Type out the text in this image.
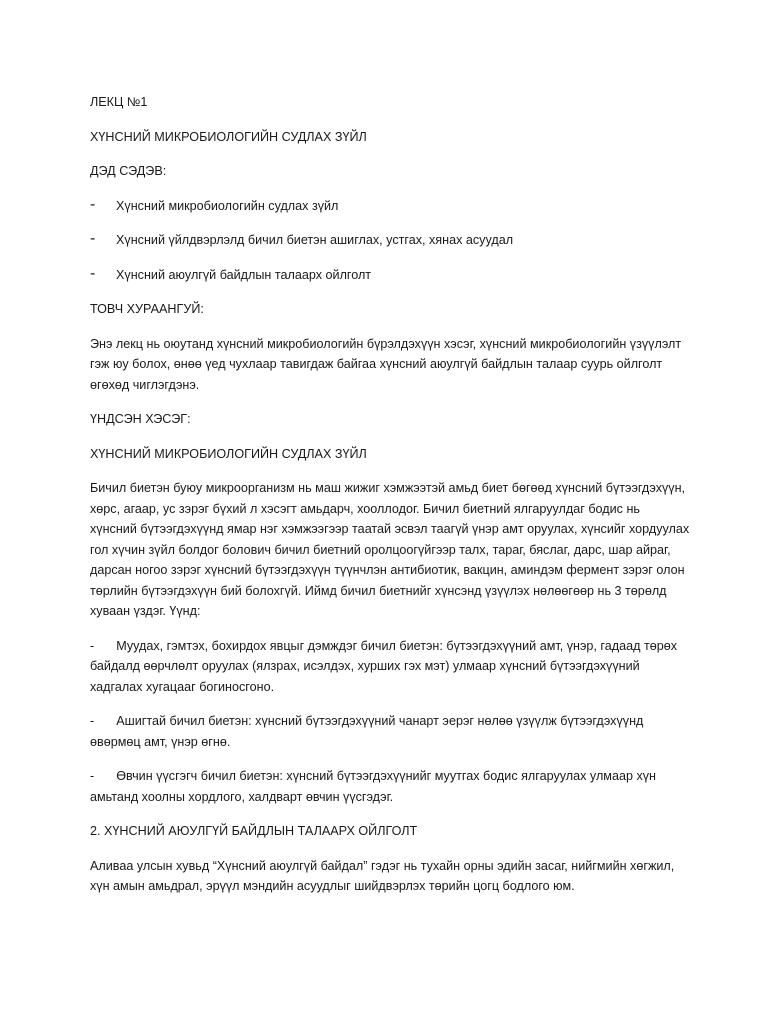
ЛЕКЦ №1

ХҮНСНИЙ МИКРОБИОЛОГИЙН СУДЛАХ ЗҮЙЛ

ДЭД СЭДЭВ:

-	Хүнсний микробиологийн судлах зүйл

-	Хүнсний үйлдвэрлэлд бичил биетэн ашиглах, устгах, хянах асуудал

-	Хүнсний аюулгүй байдлын талаарх ойлголт

ТОВЧ ХУРААНГУЙ:

Энэ лекц нь оюутанд хүнсний микробиологийн бүрэлдэхүүн хэсэг, хүнсний микробиологийн үзүүлэлт гэж юу болох, өнөө үед чухлаар тавигдаж байгаа хүнсний аюулгүй байдлын талаар суурь ойлголт өгөхөд чиглэгдэнэ.

ҮНДСЭН ХЭСЭГ:

ХҮНСНИЙ МИКРОБИОЛОГИЙН СУДЛАХ ЗҮЙЛ

Бичил биетэн буюу микроорганизм нь маш жижиг хэмжээтэй амьд биет бөгөөд хүнсний бүтээгдэхүүн, хөрс, агаар, ус зэрэг бүхий л хэсэгт амьдарч, хооллодог. Бичил биетний ялгаруулдаг бодис нь хүнсний бүтээгдэхүүнд ямар нэг хэмжээгээр таатай эсвэл таагүй үнэр амт оруулах, хүнсийг хордуулах гол хүчин зүйл болдог болович бичил биетний оролцоогүйгээр талх, тараг, бяслаг, дарс, шар айраг, дарсан ногоо зэрэг хүнсний бүтээгдэхүүн түүнчлэн антибиотик, вакцин, аминдэм фермент зэрэг олон төрлийн бүтээгдэхүүн бий болохгүй. Иймд бичил биетнийг хүнсэнд үзүүлэх нөлөөгөөр нь 3 төрөлд хуваан үздэг. Үүнд:

- Муудах, гэмтэх, бохирдох явцыг дэмждэг бичил биетэн: бүтээгдэхүүний амт, үнэр, гадаад төрөх байдалд өөрчлөлт оруулах (ялзрах, исэлдэх, хурших гэх мэт) улмаар хүнсний бүтээгдэхүүний хадгалах хугацааг богиносгоно.

- Ашигтай бичил биетэн: хүнсний бүтээгдэхүүний чанарт эерэг нөлөө үзүүлж бүтээгдэхүүнд өвөрмөц амт, үнэр өгнө.

- Өвчин үүсгэгч бичил биетэн: хүнсний бүтээгдэхүүнийг муутгах бодис ялгаруулах улмаар хүн амьтанд хоолны хордлого, халдварт өвчин үүсгэдэг.

2. ХҮНСНИЙ АЮУЛГҮЙ БАЙДЛЫН ТАЛААРХ ОЙЛГОЛТ

Аливаа улсын хувьд “Хүнсний аюулгүй байдал” гэдэг нь тухайн орны эдийн засаг, нийгмийн хөгжил, хүн амын амьдрал, эрүүл мэндийн асуудлыг шийдвэрлэх төрийн цогц бодлого юм.
